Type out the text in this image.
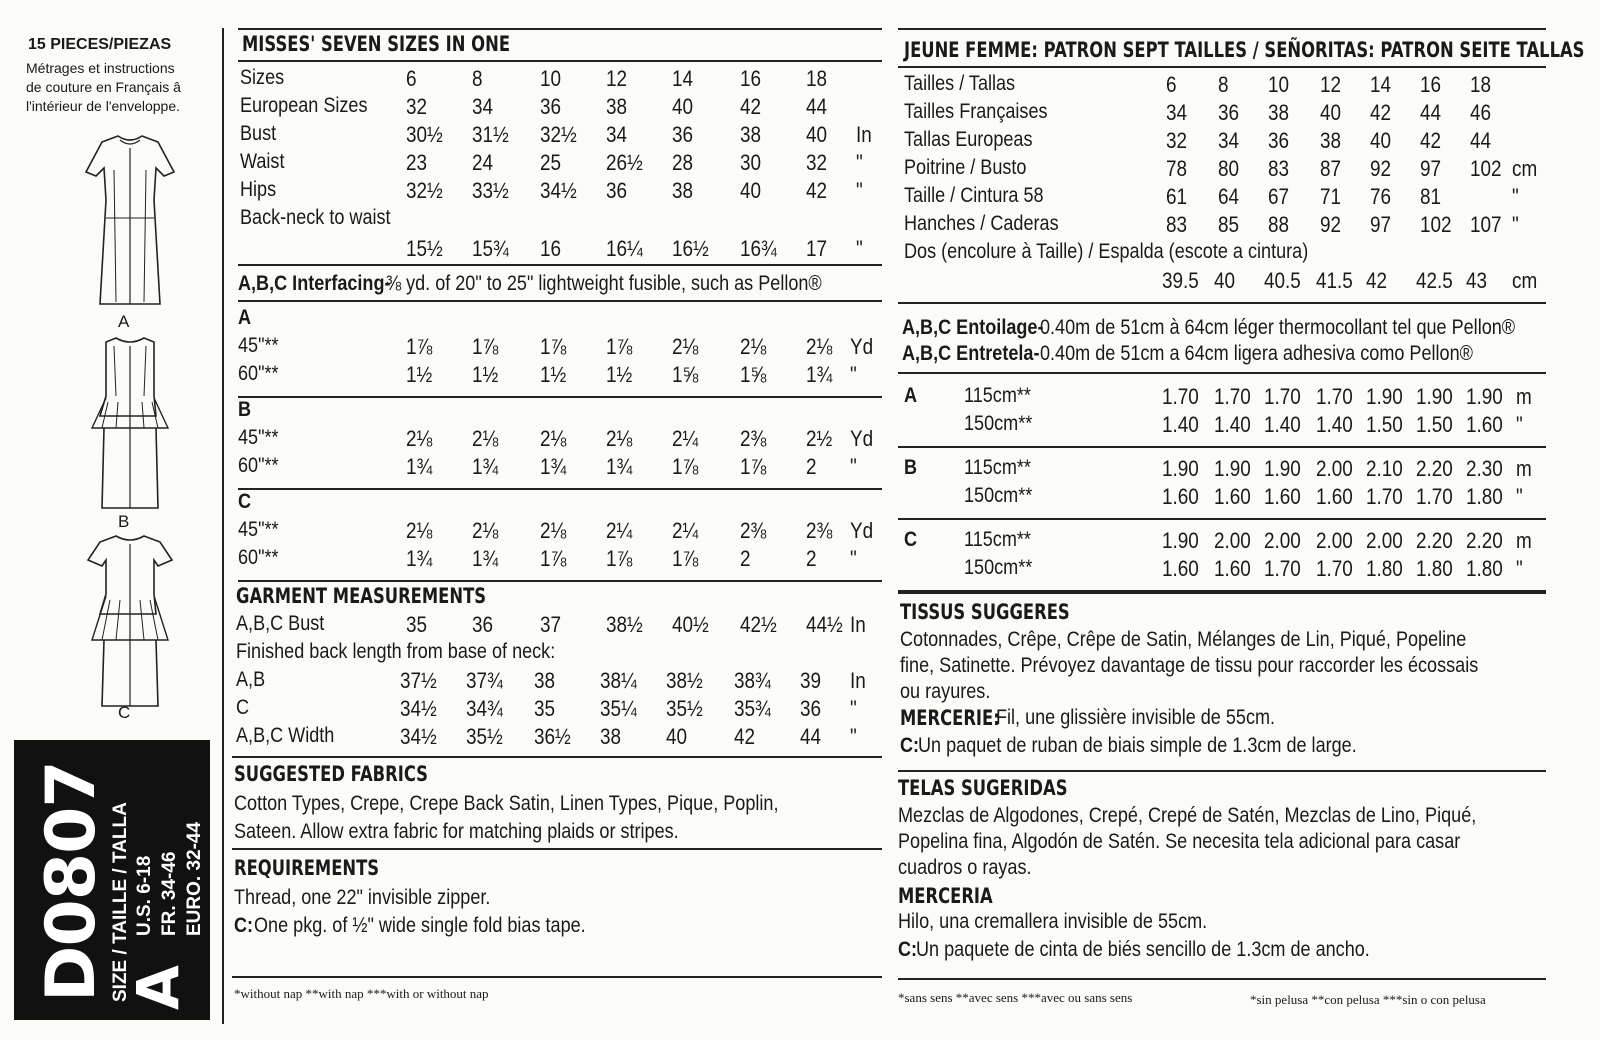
15 PIECES/PIEZAS
Métrages et instructions
de couture en Français â
l'intérieur de l'enveloppe.
A
B
C
D0807 SIZE / TAILLE / TALLA
A
U.S. 6-18 FR. 34-46 EURO. 32-44
MISSES' SEVEN SIZES IN ONE
Sizes	6	8	10 12 14 16 18
European Sizes 32 34 36 38 40 42 44
Bust	30½ 31½ 32½ 34 36 38 40 In
Waist	23 24 25 26½ 28 30 32 "
Hips	32½ 33½ 34½ 36 38 40 42 "
Back-neck to waist
15½ 15¾ 16 16¼ 16½ 16¾ 17 "
A,B,C Interfacing-
⅜ yd. of 20" to 25" lightweight fusible, such as Pellon®
A
45"**	1⅞ 1⅞ 1⅞ 1⅞ 2⅛ 2⅛ 2⅛ Yd
60"**	1½ 1½ 1½ 1½ 1⅝ 1⅝ 1¾ "
B
45"**	2⅛ 2⅛ 2⅛ 2⅛ 2¼ 2⅜ 2½ Yd
60"**	1¾ 1¾ 1¾ 1¾ 1⅞ 1⅞ 2 "
C
45"**	2⅛ 2⅛ 2⅛ 2¼ 2¼ 2⅜ 2⅜ Yd
60"**	1¾ 1¾ 1⅞ 1⅞ 1⅞ 2	2 "
GARMENT MEASUREMENTS
A,B,C Bust	35 36 37 38½ 40½ 42½ 44½ In
Finished back length from base of neck:
A,B	37½ 37¾ 38 38¼ 38½ 38¾ 39 In
C	34½ 34¾ 35 35¼ 35½ 35¾ 36 "
A,B,C Width	34½ 35½ 36½ 38 40 42 44 "
SUGGESTED FABRICS
Cotton Types, Crepe, Crepe Back Satin, Linen Types, Pique, Poplin,
Sateen. Allow extra fabric for matching plaids or stripes.
REQUIREMENTS
Thread, one 22" invisible zipper.
C: One pkg. of ½" wide single fold bias tape.
*without nap **with nap ***with or without nap
JEUNE FEMME: PATRON SEPT TAILLES / SEÑORITAS: PATRON SEITE TALLAS
Tailles / Tallas	6 8 10 12 14 16 18
Tailles Françaises	34 36 38 40 42 44 46
Tallas Europeas	32 34 36 38 40 42 44
Poitrine / Busto	78 80 83 87 92 97 102 cm
Taille / Cintura 58	61 64 67 71 76 81	"
Hanches / Caderas	83 85 88 92 97 102 107 "
Dos (encolure à Taille) / Espalda (escote a cintura)
39.5 40 40.5 41.5 42 42.5 43 cm
A,B,C Entoilage-
0.40m de 51cm à 64cm léger thermocollant tel que Pellon®
A,B,C Entretela- 0.40m de 51cm a 64cm ligera adhesiva como Pellon®
A 115cm**	1.70 1.70 1.70 1.70 1.90 1.90 1.90 m
150cm**	1.40 1.40 1.40 1.40 1.50 1.50 1.60 "
B 115cm**	1.90 1.90 1.90 2.00 2.10 2.20 2.30 m
150cm**	1.60 1.60 1.60 1.60 1.70 1.70 1.80 "
C 115cm**	1.90 2.00 2.00 2.00 2.00 2.20 2.20 m
150cm**	1.60 1.60 1.70 1.70 1.80 1.80 1.80 "
TISSUS SUGGERES
Cotonnades, Crêpe, Crêpe de Satin, Mélanges de Lin, Piqué, Popeline
fine, Satinette. Prévoyez davantage de tissu pour raccorder les écossais
ou rayures.
MERCERIE:
Fil, une glissière invisible de 55cm.
C:
Un paquet de ruban de biais simple de 1.3cm de large.
TELAS SUGERIDAS
Mezclas de Algodones, Crepé, Crepé de Satén, Mezclas de Lino, Piqué,
Popelina fina, Algodón de Satén. Se necesita tela adicional para casar
cuadros o rayas.
MERCERIA
Hilo, una cremallera invisible de 55cm.
C:
Un paquete de cinta de biés sencillo de 1.3cm de ancho.
*sans sens **avec sens ***avec ou sans sens	*sin pelusa **con pelusa ***sin o con pelusa
